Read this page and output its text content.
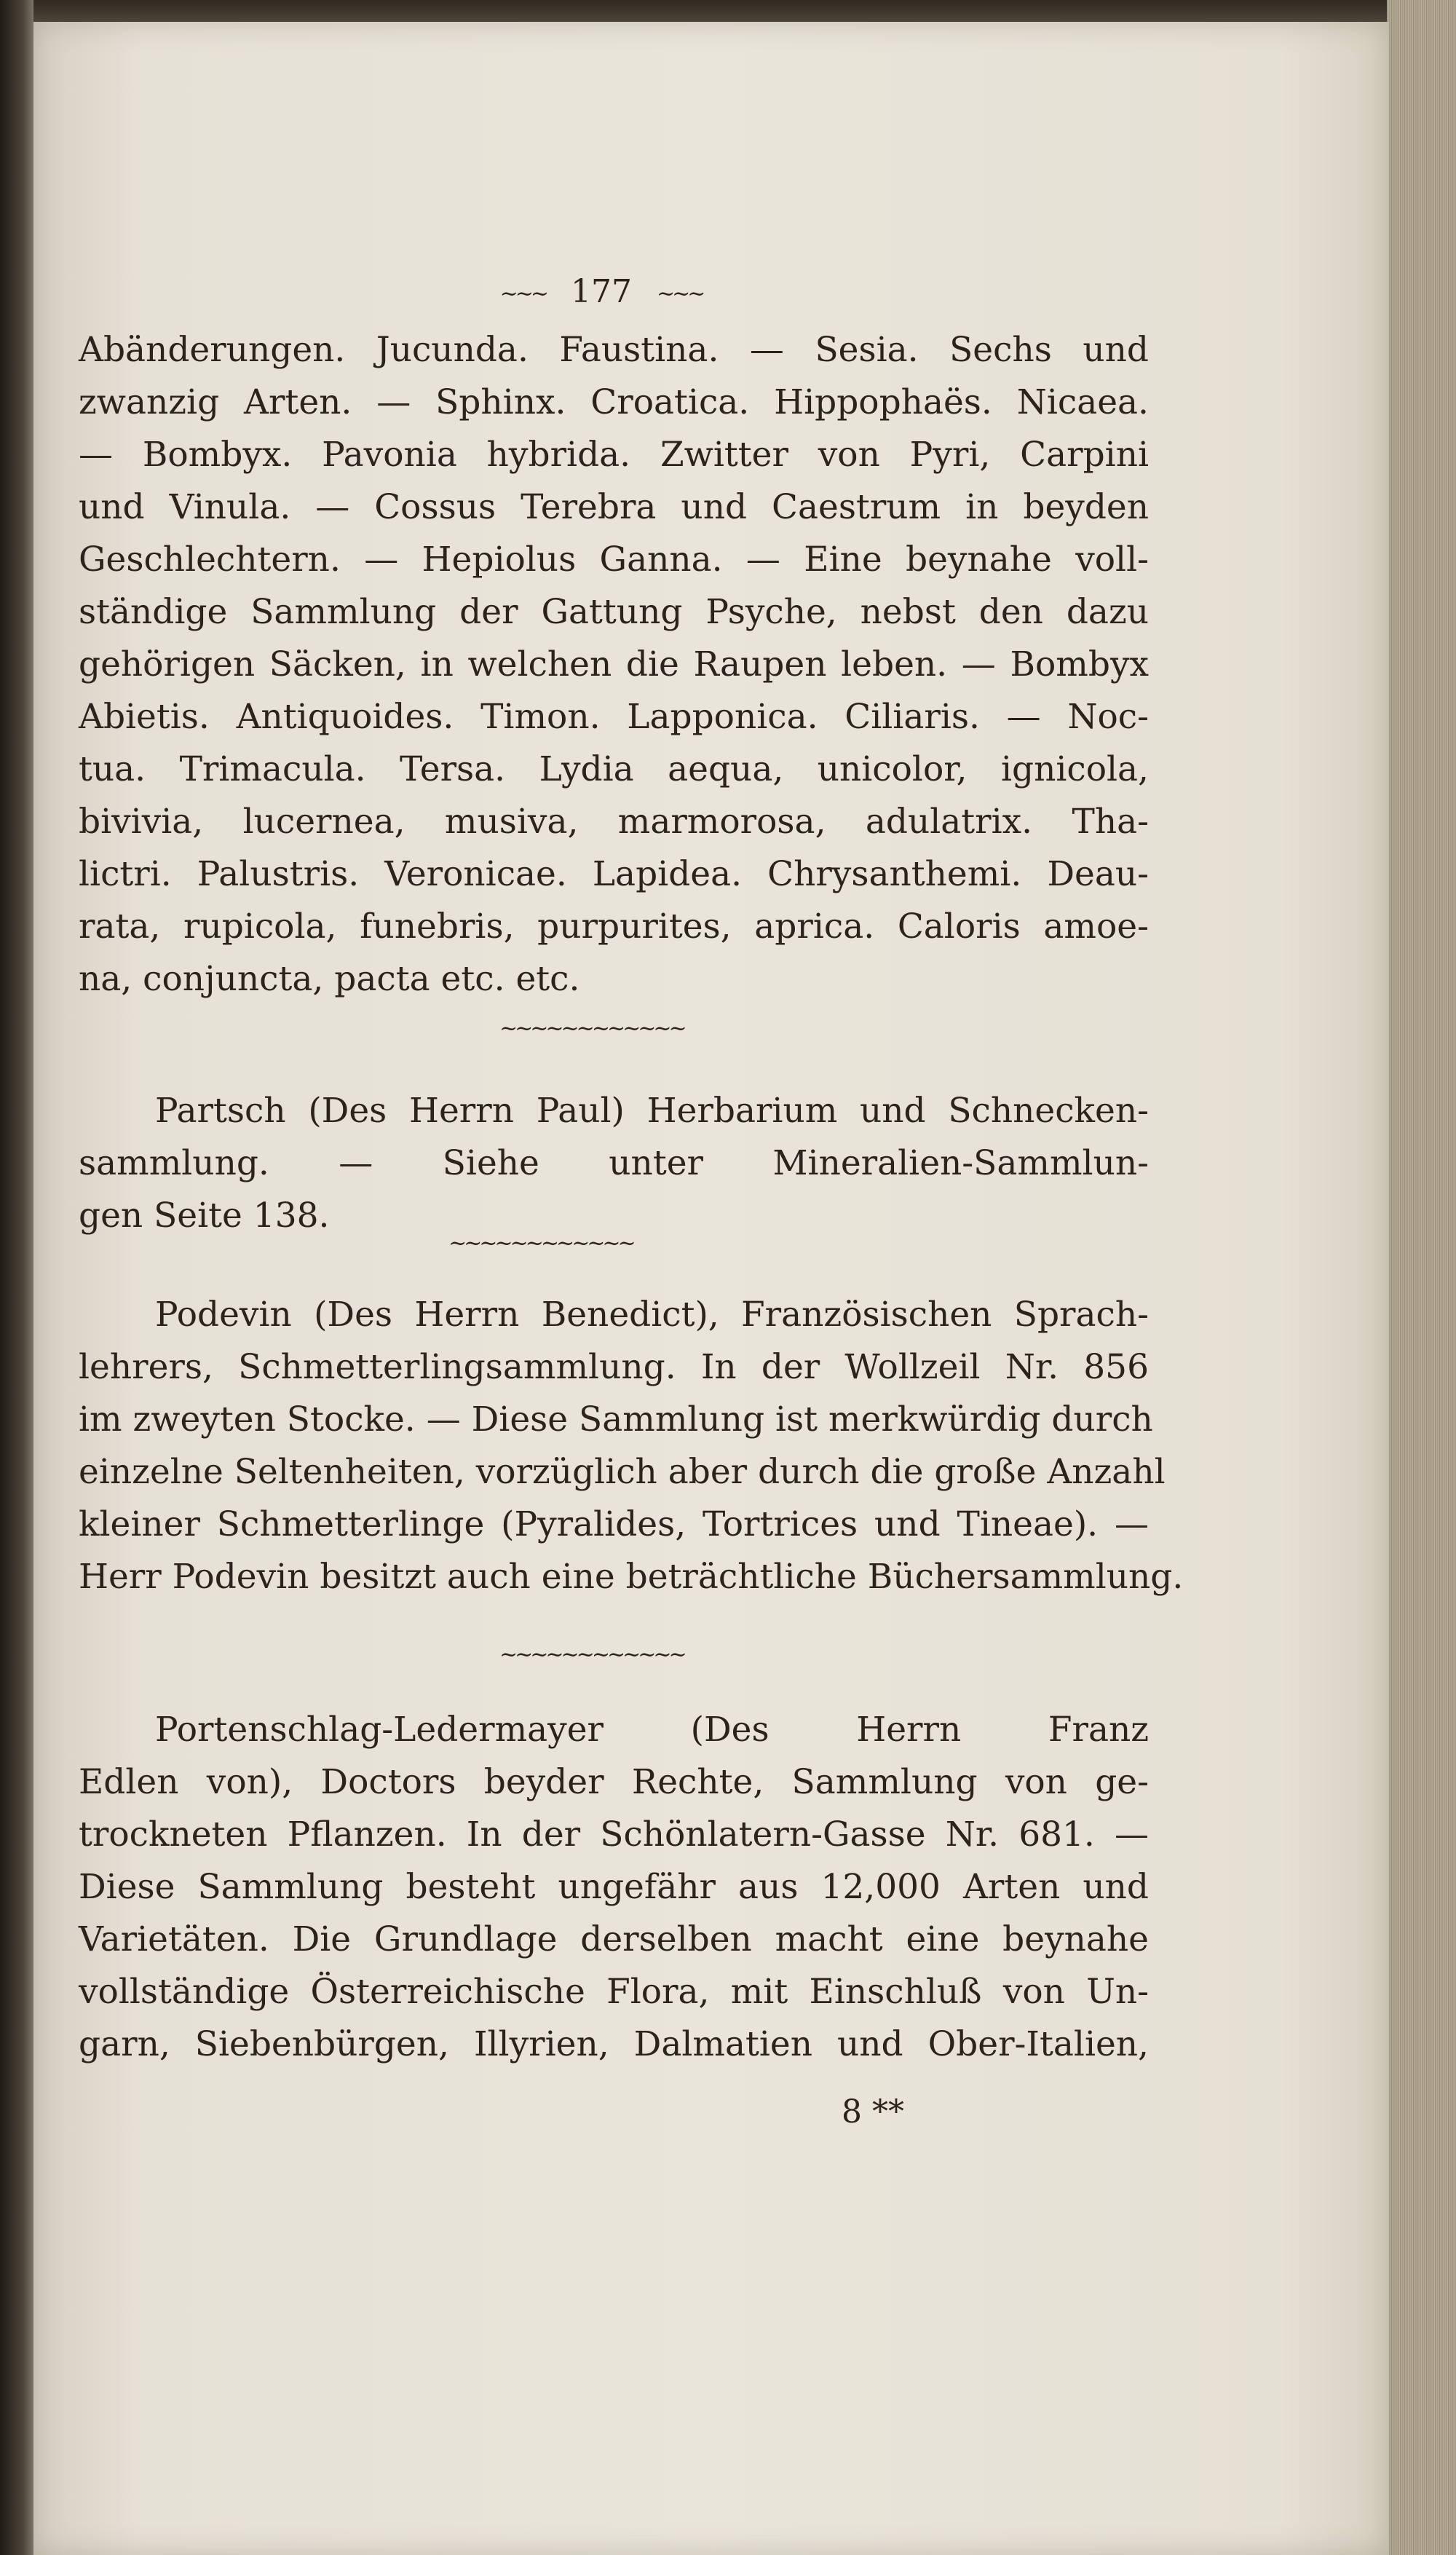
~~~ 177 ~~~
Abänderungen. Jucunda. Faustina. — Sesia. Sechs und
zwanzig Arten. — Sphinx. Croatica. Hippophaës. Nicaea.
— Bombyx. Pavonia hybrida. Zwitter von Pyri, Carpini
und Vinula. — Cossus Terebra und Caestrum in beyden
Geschlechtern. — Hepiolus Ganna. — Eine beynahe voll-
ständige Sammlung der Gattung Psyche, nebst den dazu
gehörigen Säcken, in welchen die Raupen leben. — Bombyx
Abietis. Antiquoides. Timon. Lapponica. Ciliaris. — Noc-
tua. Trimacula. Tersa. Lydia aequa, unicolor, ignicola,
bivivia, lucernea, musiva, marmorosa, adulatrix. Tha-
lictri. Palustris. Veronicae. Lapidea. Chrysanthemi. Deau-
rata, rupicola, funebris, purpurites, aprica. Caloris amoe-
na, conjuncta, pacta etc. etc.
~~~~~~~~~~~~
Partsch (Des Herrn Paul) Herbarium und Schnecken-
sammlung. — Siehe unter Mineralien-Sammlun-
gen Seite 138.
~~~~~~~~~~~~
Podevin (Des Herrn Benedict), Französischen Sprach-
lehrers, Schmetterlingsammlung. In der Wollzeil Nr. 856
im zweyten Stocke. — Diese Sammlung ist merkwürdig durch
einzelne Seltenheiten, vorzüglich aber durch die große Anzahl
kleiner Schmetterlinge (Pyralides, Tortrices und Tineae). —
Herr Podevin besitzt auch eine beträchtliche Büchersammlung.
~~~~~~~~~~~~
Portenschlag-Ledermayer (Des Herrn Franz
Edlen von), Doctors beyder Rechte, Sammlung von ge-
trockneten Pflanzen. In der Schönlatern-Gasse Nr. 681. —
Diese Sammlung besteht ungefähr aus 12,000 Arten und
Varietäten. Die Grundlage derselben macht eine beynahe
vollständige Österreichische Flora, mit Einschluß von Un-
garn, Siebenbürgen, Illyrien, Dalmatien und Ober-Italien,
8 **
